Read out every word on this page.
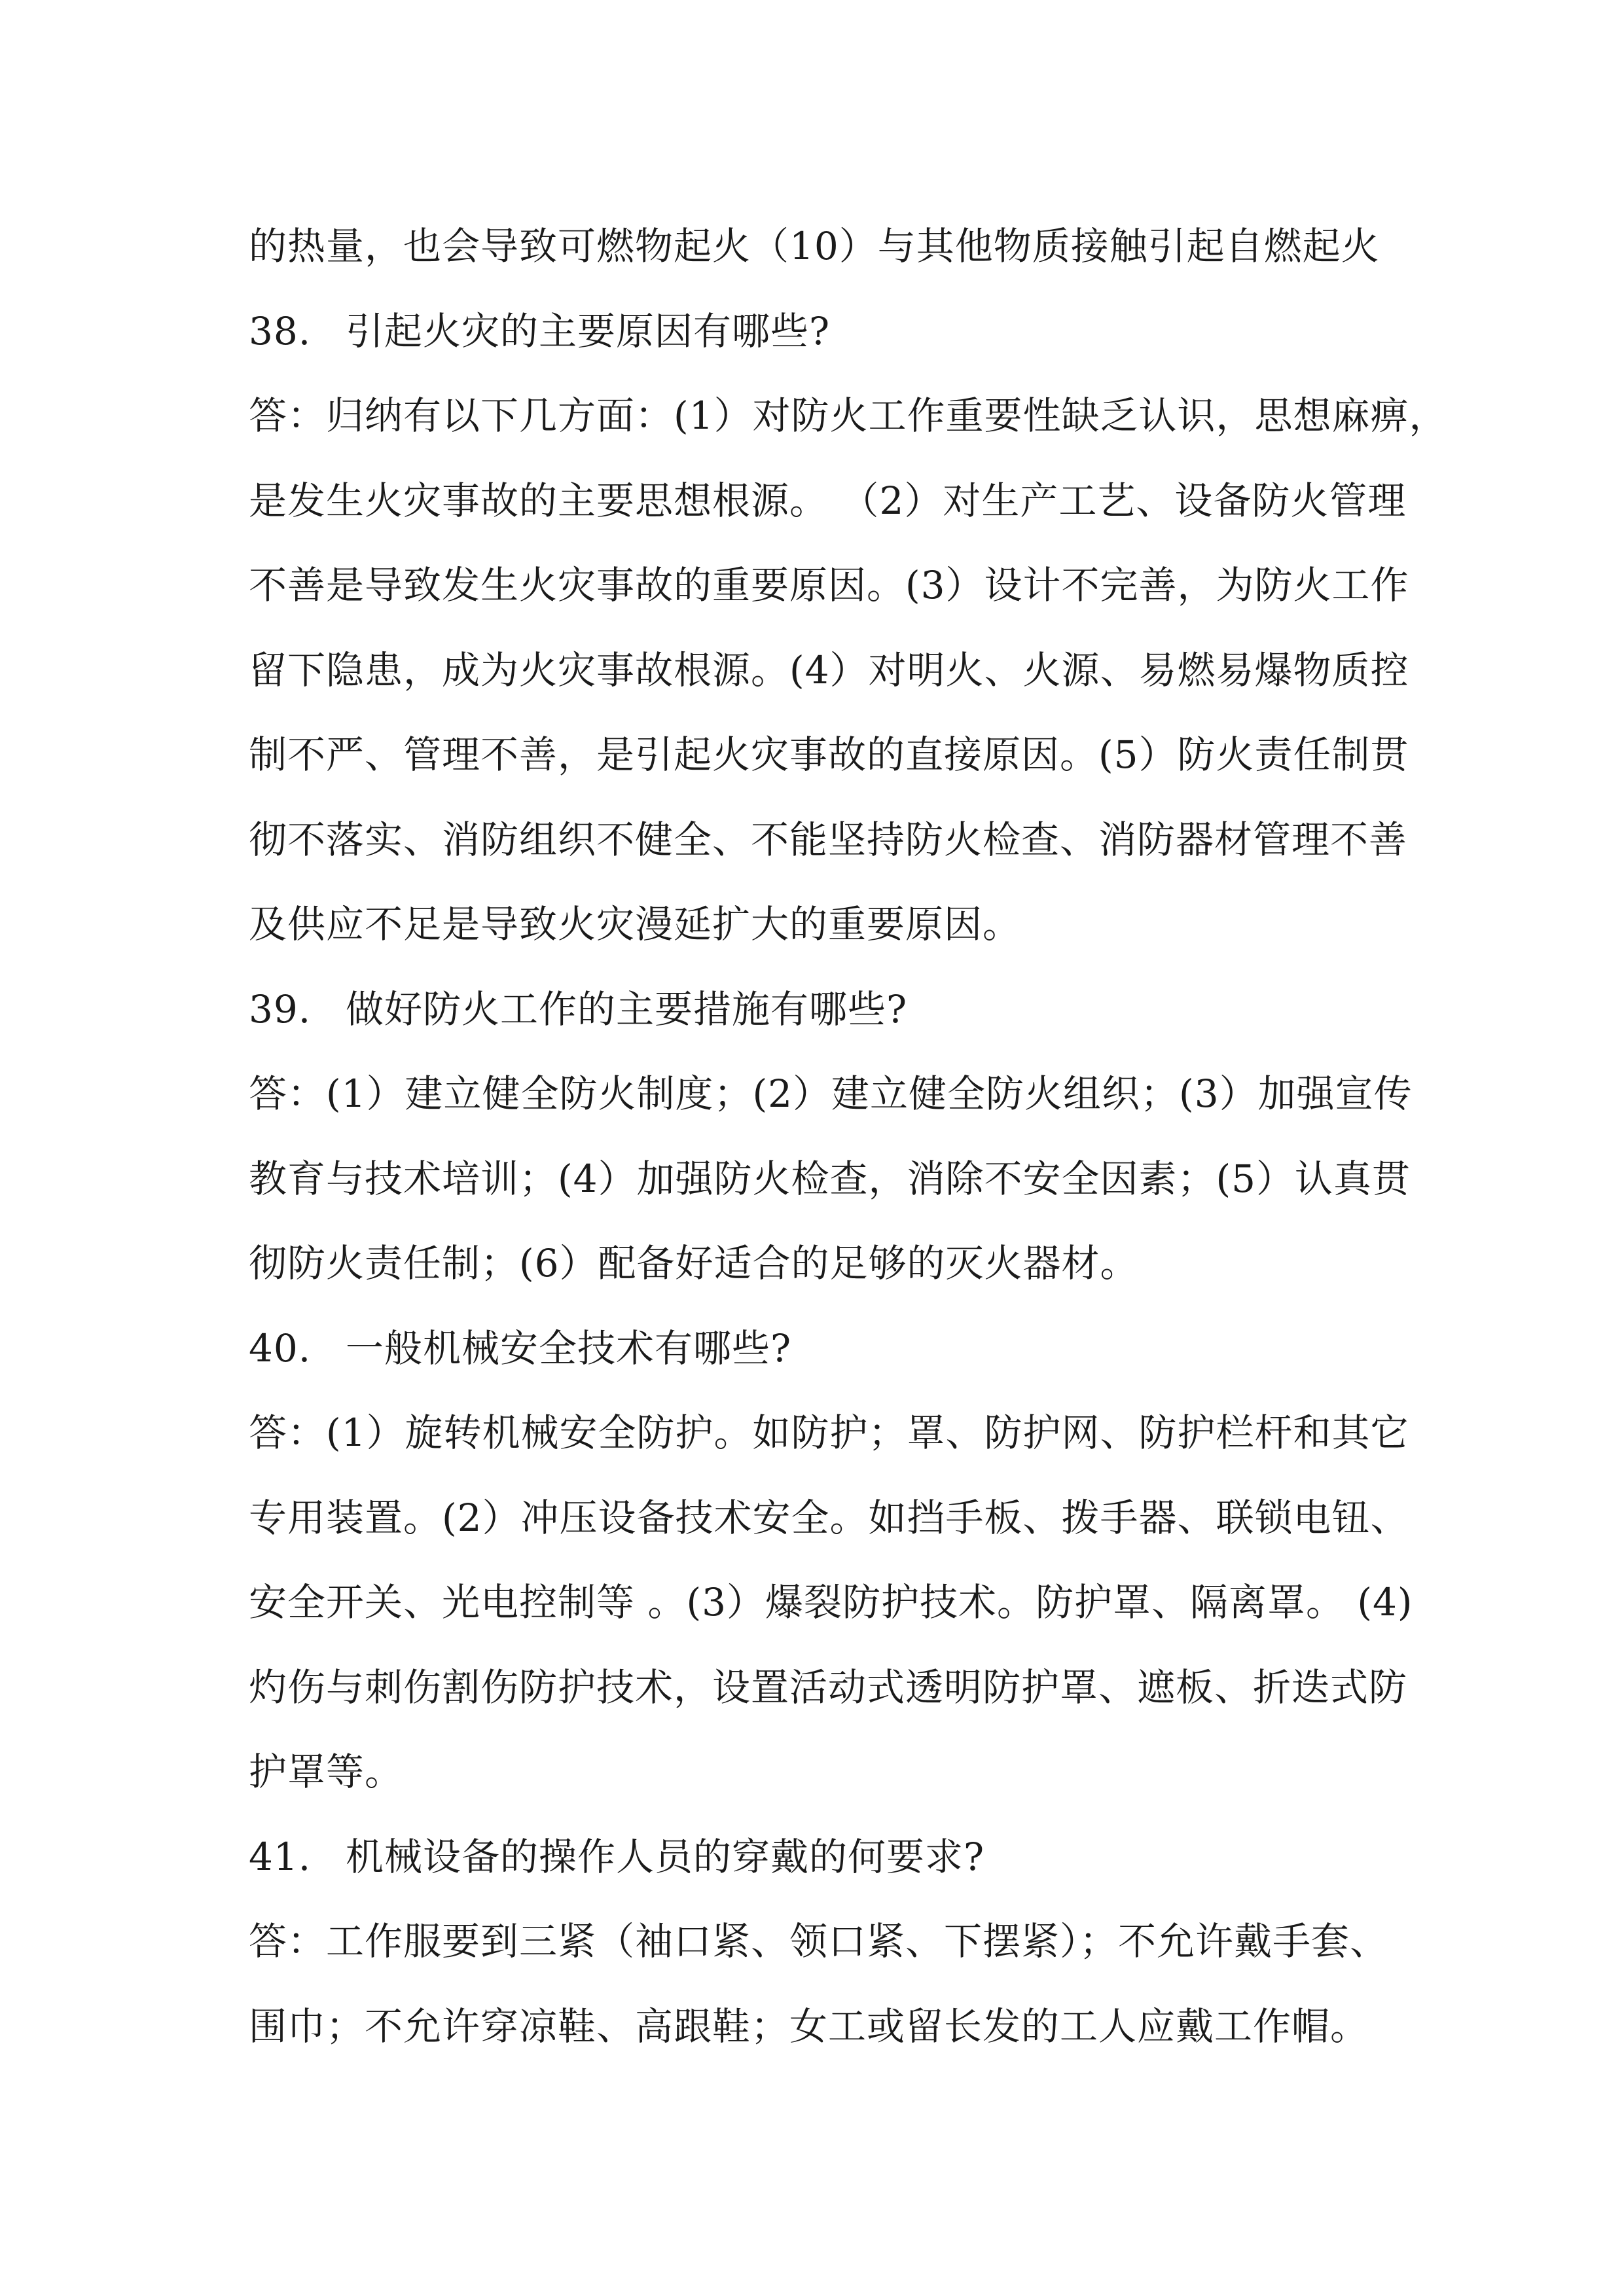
的热量，也会导致可燃物起火（10）与其他物质接触引起自燃起火
38. 引起火灾的主要原因有哪些?
答：归纳有以下几方面：(1）对防火工作重要性缺乏认识，思想麻痹，
是发生火灾事故的主要思想根源。 （2）对生产工艺、设备防火管理
不善是导致发生火灾事故的重要原因。(3）设计不完善，为防火工作
留下隐患，成为火灾事故根源。(4）对明火、火源、易燃易爆物质控
制不严、管理不善，是引起火灾事故的直接原因。(5）防火责任制贯
彻不落实、消防组织不健全、不能坚持防火检查、消防器材管理不善
及供应不足是导致火灾漫延扩大的重要原因。
39. 做好防火工作的主要措施有哪些?
答：(1）建立健全防火制度；(2）建立健全防火组织；(3）加强宣传
教育与技术培训；(4）加强防火检查，消除不安全因素；(5）认真贯
彻防火责任制；(6）配备好适合的足够的灭火器材。
40. 一般机械安全技术有哪些?
答：(1）旋转机械安全防护。如防护；罩、防护网、防护栏杆和其它
专用装置。(2）冲压设备技术安全。如挡手板、拨手器、联锁电钮、
安全开关、光电控制等 。(3）爆裂防护技术。防护罩、隔离罩。 (4)
灼伤与刺伤割伤防护技术，设置活动式透明防护罩、遮板、折迭式防
护罩等。
41. 机械设备的操作人员的穿戴的何要求?
答：工作服要到三紧（袖口紧、领口紧、下摆紧）；不允许戴手套、
围巾；不允许穿凉鞋、高跟鞋；女工或留长发的工人应戴工作帽。
